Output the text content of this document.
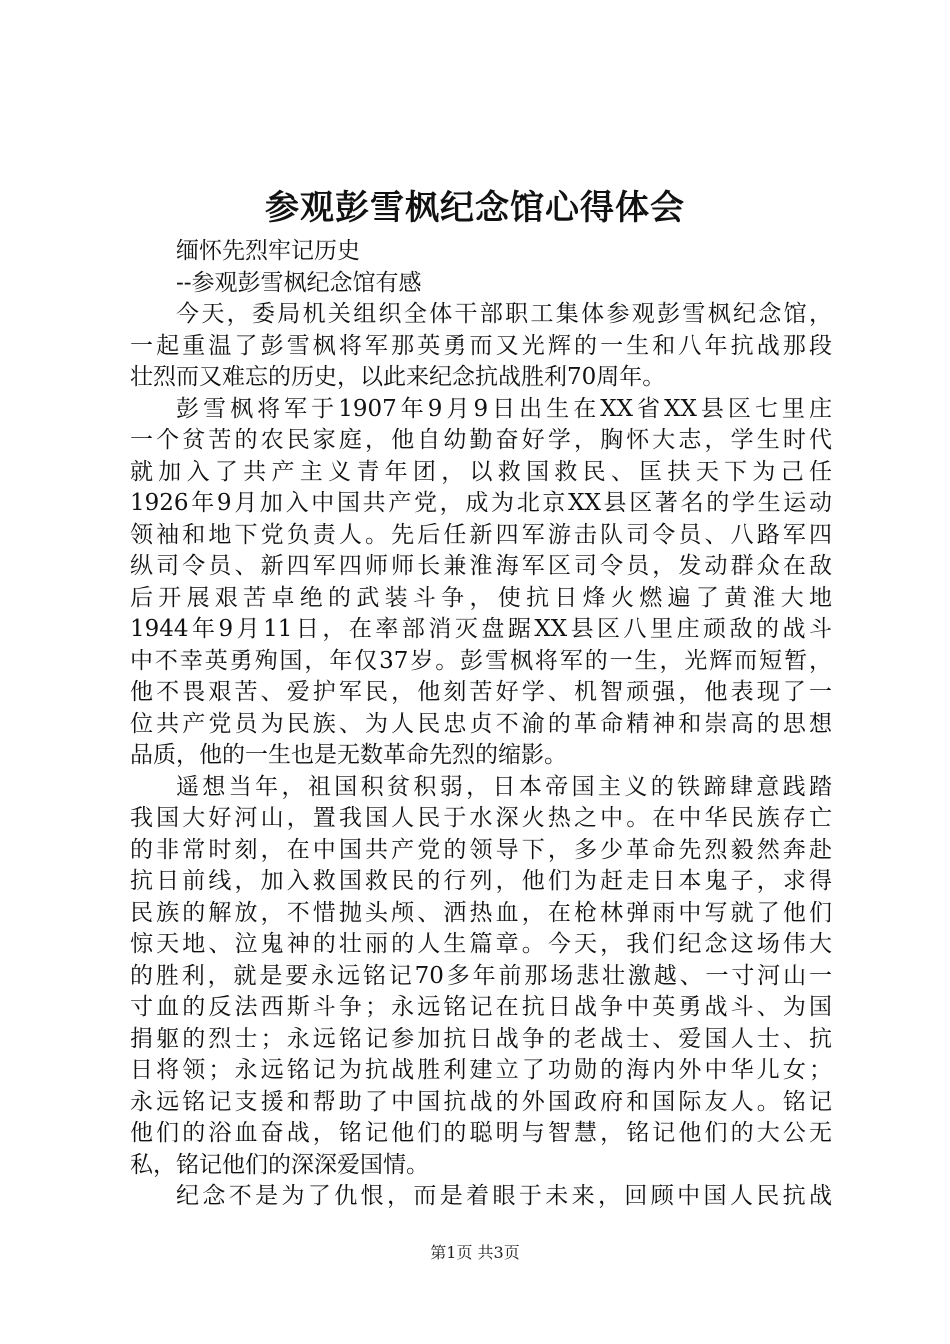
参观彭雪枫纪念馆心得体会
缅怀先烈牢记历史
--参观彭雪枫纪念馆有感
今天，委局机关组织全体干部职工集体参观彭雪枫纪念馆，
一起重温了彭雪枫将军那英勇而又光辉的一生和八年抗战那段
壮烈而又难忘的历史，以此来纪念抗战胜利70周年。
彭雪枫将军于1907年9月9日出生在XX省XX县区七里庄
一个贫苦的农民家庭，他自幼勤奋好学，胸怀大志，学生时代
就加入了共产主义青年团，以救国救民、匡扶天下为己任
1926年9月加入中国共产党，成为北京XX县区著名的学生运动
领袖和地下党负责人。先后任新四军游击队司令员、八路军四
纵司令员、新四军四师师长兼淮海军区司令员，发动群众在敌
后开展艰苦卓绝的武装斗争，使抗日烽火燃遍了黄淮大地
1944年9月11日，在率部消灭盘踞XX县区八里庄顽敌的战斗
中不幸英勇殉国，年仅37岁。彭雪枫将军的一生，光辉而短暂，
他不畏艰苦、爱护军民，他刻苦好学、机智顽强，他表现了一
位共产党员为民族、为人民忠贞不渝的革命精神和崇高的思想
品质，他的一生也是无数革命先烈的缩影。
遥想当年，祖国积贫积弱，日本帝国主义的铁蹄肆意践踏
我国大好河山，置我国人民于水深火热之中。在中华民族存亡
的非常时刻，在中国共产党的领导下，多少革命先烈毅然奔赴
抗日前线，加入救国救民的行列，他们为赶走日本鬼子，求得
民族的解放，不惜抛头颅、洒热血，在枪林弹雨中写就了他们
惊天地、泣鬼神的壮丽的人生篇章。今天，我们纪念这场伟大
的胜利，就是要永远铭记70多年前那场悲壮激越、一寸河山一
寸血的反法西斯斗争；永远铭记在抗日战争中英勇战斗、为国
捐躯的烈士；永远铭记参加抗日战争的老战士、爱国人士、抗
日将领；永远铭记为抗战胜利建立了功勋的海内外中华儿女；
永远铭记支援和帮助了中国抗战的外国政府和国际友人。铭记
他们的浴血奋战，铭记他们的聪明与智慧，铭记他们的大公无
私，铭记他们的深深爱国情。
纪念不是为了仇恨，而是着眼于未来，回顾中国人民抗战
第1页 共3页
